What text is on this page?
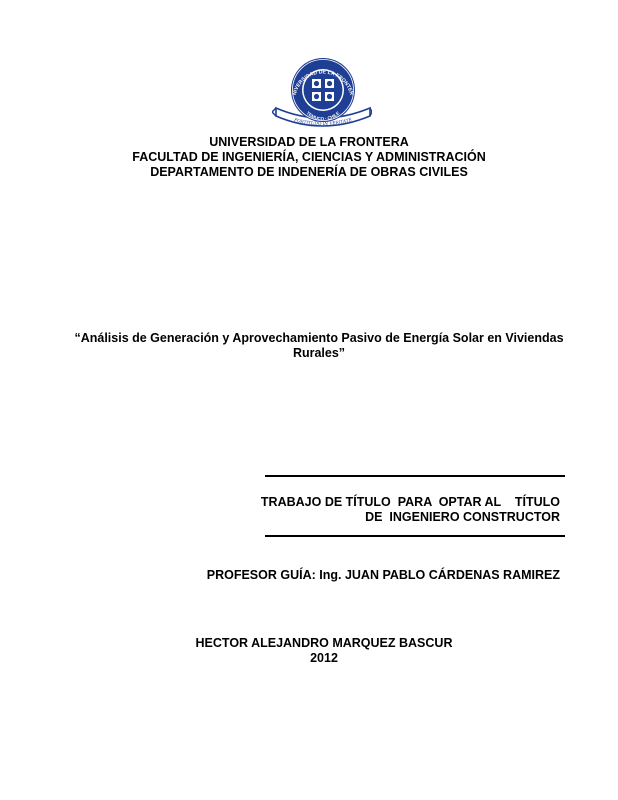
FORTITUDO IN VERITATE
NIVERSIDAD DE LA FRONTER
TEMUCO · CHILE
UNIVERSIDAD DE LA FRONTERA
FACULTAD DE INGENIERÍA, CIENCIAS Y ADMINISTRACIÓN
DEPARTAMENTO DE INDENERÍA DE OBRAS CIVILES
“Análisis de Generación y Aprovechamiento Pasivo de Energía Solar en Viviendas
Rurales”
TRABAJO DE TÍTULO  PARA  OPTAR AL    TÍTULO
DE  INGENIERO CONSTRUCTOR
PROFESOR GUÍA: Ing. JUAN PABLO CÁRDENAS RAMIREZ
HECTOR ALEJANDRO MARQUEZ BASCUR
2012
